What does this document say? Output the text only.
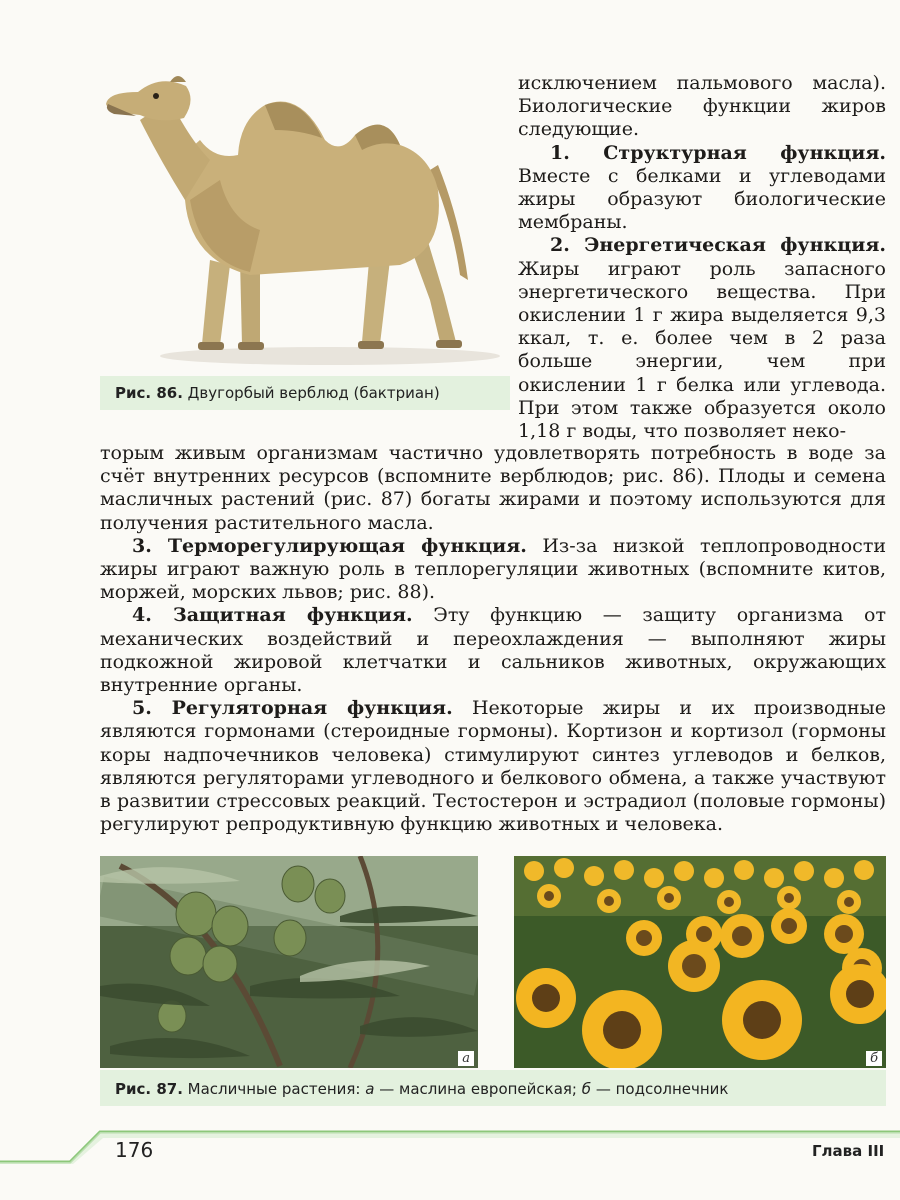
Рис. 86. Двугорбый верблюд (бактриан)

исключением пальмового масла). Биологические функции жиров следующие.

1. Структурная функция. Вместе с белками и углеводами жиры образуют биологические мембраны.

2. Энергетическая функция. Жиры играют роль запасного энергетического вещества. При окислении 1 г жира выделяется 9,3 ккал, т. е. более чем в 2 раза больше энергии, чем при окислении 1 г белка или углевода. При этом также образуется около 1,18 г воды, что позволяет неко-

торым живым организмам частично удовлетворять потребность в воде за счёт внутренних ресурсов (вспомните верблюдов; рис. 86). Плоды и семена масличных растений (рис. 87) богаты жирами и поэтому используются для получения растительного масла.

3. Терморегулирующая функция. Из-за низкой теплопроводности жиры играют важную роль в теплорегуляции животных (вспомните китов, моржей, морских львов; рис. 88).

4. Защитная функция. Эту функцию — защиту организма от механических воздействий и переохлаждения — выполняют жиры подкожной жировой клетчатки и сальников животных, окружающих внутренние органы.

5. Регуляторная функция. Некоторые жиры и их производные являются гормонами (стероидные гормоны). Кортизон и кортизол (гормоны коры надпочечников человека) стимулируют синтез углеводов и белков, являются регуляторами углеводного и белкового обмена, а также участвуют в развитии стрессовых реакций. Тестостерон и эстрадиол (половые гормоны) регулируют репродуктивную функцию животных и человека.

а	б
Рис. 87. Масличные растения: а — маслина европейская; б — подсолнечник
176	Глава III
